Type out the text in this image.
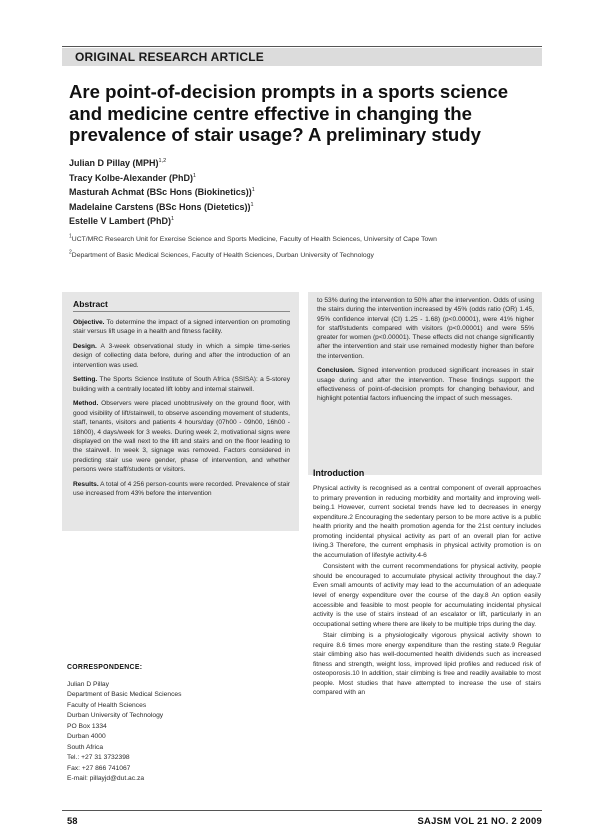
ORIGINAL RESEARCH ARTICLE
Are point-of-decision prompts in a sports science and medicine centre effective in changing the prevalence of stair usage? A preliminary study
Julian D Pillay (MPH)$^{1,2}$
Tracy Kolbe-Alexander (PhD)$^1$
Masturah Achmat (BSc Hons (Biokinetics))$^1$
Madelaine Carstens (BSc Hons (Dietetics))$^1$
Estelle V Lambert (PhD)$^1$
$^1$UCT/MRC Research Unit for Exercise Science and Sports Medicine, Faculty of Health Sciences, University of Cape Town
$^2$Department of Basic Medical Sciences, Faculty of Health Sciences, Durban University of Technology
Abstract

Objective. To determine the impact of a signed intervention on promoting stair versus lift usage in a health and fitness facility.

Design. A 3-week observational study in which a simple time-series design of collecting data before, during and after the introduction of an intervention was used.

Setting. The Sports Science Institute of South Africa (SSISA): a 5-storey building with a centrally located lift lobby and internal stairwell.

Method. Observers were placed unobtrusively on the ground floor, with good visibility of lift/stairwell, to observe ascending movement of students, staff, tenants, visitors and patients 4 hours/day (07h00 - 09h00, 16h00 - 18h00), 4 days/week for 3 weeks. During week 2, motivational signs were displayed on the wall next to the lift and stairs and on the floor leading to the stairwell. In week 3, signage was removed. Factors considered in predicting stair use were gender, phase of intervention, and whether persons were staff/students or visitors.

Results. A total of 4 256 person-counts were recorded. Prevalence of stair use increased from 43% before the intervention

to 53% during the intervention to 50% after the intervention. Odds of using the stairs during the intervention increased by 45% (odds ratio (OR) 1.45, 95% confidence interval (CI) 1.25 - 1.68) (p<0.00001), were 41% higher for staff/students compared with visitors (p<0.00001) and were 55% greater for women (p<0.00001). These effects did not change significantly after the intervention and stair use remained modestly higher than before the intervention.

Conclusion. Signed intervention produced significant increases in stair usage during and after the intervention. These findings support the effectiveness of point-of-decision prompts for changing behaviour, and highlight potential factors influencing the impact of such messages.

Introduction

Physical activity is recognised as a central component of overall approaches to primary prevention in reducing morbidity and mortality and improving well-being.1 However, current societal trends have led to decreases in energy expenditure.2 Encouraging the sedentary person to be more active is a public health priority and the health promotion agenda for the 21st century includes promoting incidental physical activity as part of an overall plan for active living.3 Therefore, the current emphasis in physical activity promotion is on the accumulation of lifestyle activity.4-6

Consistent with the current recommendations for physical activity, people should be encouraged to accumulate physical activity throughout the day.7 Even small amounts of activity may lead to the accumulation of an adequate level of energy expenditure over the course of the day.8 An option easily accessible and feasible to most people for accumulating incidental physical activity is the use of stairs instead of an escalator or lift, particularly in an occupational setting where there are likely to be multiple trips during the day.

Stair climbing is a physiologically vigorous physical activity shown to require 8.6 times more energy expenditure than the resting state.9 Regular stair climbing also has well-documented health dividends such as increased fitness and strength, weight loss, improved lipid profiles and reduced risk of osteoporosis.10 In addition, stair climbing is free and readily available to most people. Most studies that have attempted to increase the use of stairs compared with an

CORRESPONDENCE:
Julian D Pillay
Department of Basic Medical Sciences
Faculty of Health Sciences
Durban University of Technology
PO Box 1334
Durban 4000
South Africa
Tel.: +27 31 3732398
Fax: +27 866 741067
E-mail: pillayjd@dut.ac.za
58	SAJSM VOL 21 NO. 2 2009
